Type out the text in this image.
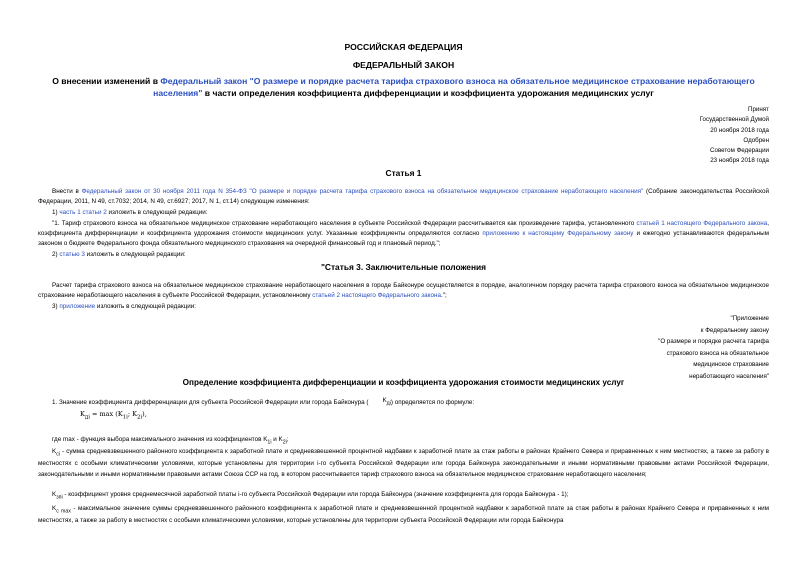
РОССИЙСКАЯ ФЕДЕРАЦИЯ
ФЕДЕРАЛЬНЫЙ ЗАКОН
О внесении изменений в Федеральный закон "О размере и порядке расчета тарифа страхового взноса на обязательное медицинское страхование неработающего населения" в части определения коэффициента дифференциации и коэффициента удорожания медицинских услуг
Принят
Государственной Думой
20 ноября 2018 года
Одобрен
Советом Федерации
23 ноября 2018 года
Статья 1
Внести в Федеральный закон от 30 ноября 2011 года N 354-ФЗ "О размере и порядке расчета тарифа страхового взноса на обязательное медицинское страхование неработающего населения" (Собрание законодательства Российской Федерации, 2011, N 49, ст.7032; 2014, N 49, ст.6927; 2017, N 1, ст.14) следующие изменения:
1) часть 1 статьи 2 изложить в следующей редакции:
"1. Тариф страхового взноса на обязательное медицинское страхование неработающего населения в субъекте Российской Федерации рассчитывается как произведение тарифа, установленного статьей 1 настоящего Федерального закона, коэффициента дифференциации и коэффициента удорожания стоимости медицинских услуг. Указанные коэффициенты определяются согласно приложению к настоящему Федеральному закону и ежегодно устанавливаются федеральным законом о бюджете Федерального фонда обязательного медицинского страхования на очередной финансовый год и плановый период.";
2) статью 3 изложить в следующей редакции:
"Статья 3. Заключительные положения
Расчет тарифа страхового взноса на обязательное медицинское страхование неработающего населения в городе Байконуре осуществляется в порядке, аналогичном порядку расчета тарифа страхового взноса на обязательное медицинское страхование неработающего населения в субъекте Российской Федерации, установленному статьей 2 настоящего Федерального закона.";
3) приложение изложить в следующей редакции:
"Приложение
к Федеральному закону
"О размере и порядке расчета тарифа
страхового взноса на обязательное
медицинское страхование
неработающего населения"
Определение коэффициента дифференциации и коэффициента удорожания стоимости медицинских услуг
1. Значение коэффициента дифференциации для субъекта Российской Федерации или города Байконура ( $K_{дi}$) определяется по формуле:
$K_{дi} = \max (K_{1i}$; $K_{2i}$),
где max - функция выбора максимального значения из коэффициентов $K_{1i}$ и $K_{2i}$;
$K_{сi}$ - сумма средневзвешенного районного коэффициента к заработной плате и средневзвешенной процентной надбавки к заработной плате за стаж работы в районах Крайнего Севера и приравненных к ним местностях, а также за работу в местностях с особыми климатическими условиями, которые установлены для территории i-го субъекта Российской Федерации или города Байконура законодательными и иными нормативными правовыми актами Российской Федерации, законодательными и иными нормативными правовыми актами Союза ССР на год, в котором рассчитывается тариф страхового взноса на обязательное медицинское страхование неработающего населения;
$K_{зпi}$ - коэффициент уровня среднемесячной заработной платы i-го субъекта Российской Федерации или города Байконура (значение коэффициента для города Байконура - 1);
$K_{с max}$ - максимальное значение суммы средневзвешенного районного коэффициента к заработной плате и средневзвешенной процентной надбавки к заработной плате за стаж работы в районах Крайнего Севера и приравненных к ним местностях, а также за работу в местностях с особыми климатическими условиями, которые установлены для территории субъекта Российской Федерации или города Байконура
